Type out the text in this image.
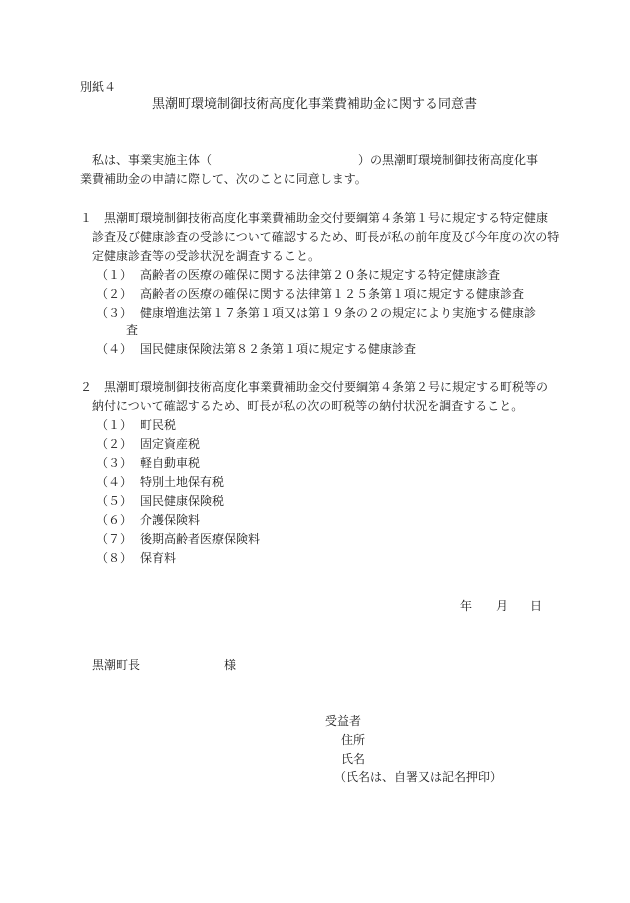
別紙４
黒潮町環境制御技術高度化事業費補助金に関する同意書
私は、事業実施主体（	）の黒潮町環境制御技術高度化事
業費補助金の申請に際して、次のことに同意します。
１　黒潮町環境制御技術高度化事業費補助金交付要綱第４条第１号に規定する特定健康
診査及び健康診査の受診について確認するため、町長が私の前年度及び今年度の次の特
定健康診査等の受診状況を調査すること。
（１） 高齢者の医療の確保に関する法律第２０条に規定する特定健康診査
（２） 高齢者の医療の確保に関する法律第１２５条第１項に規定する健康診査
（３） 健康増進法第１７条第１項又は第１９条の２の規定により実施する健康診
査
（４） 国民健康保険法第８２条第１項に規定する健康診査
２　黒潮町環境制御技術高度化事業費補助金交付要綱第４条第２号に規定する町税等の
納付について確認するため、町長が私の次の町税等の納付状況を調査すること。
（１） 町民税
（２） 固定資産税
（３） 軽自動車税
（４） 特別土地保有税
（５） 国民健康保険税
（６） 介護保険料
（７） 後期高齢者医療保険料
（８） 保育料
年 月 日
黒潮町長	様
受益者
住所
氏名
（氏名は、自署又は記名押印）
